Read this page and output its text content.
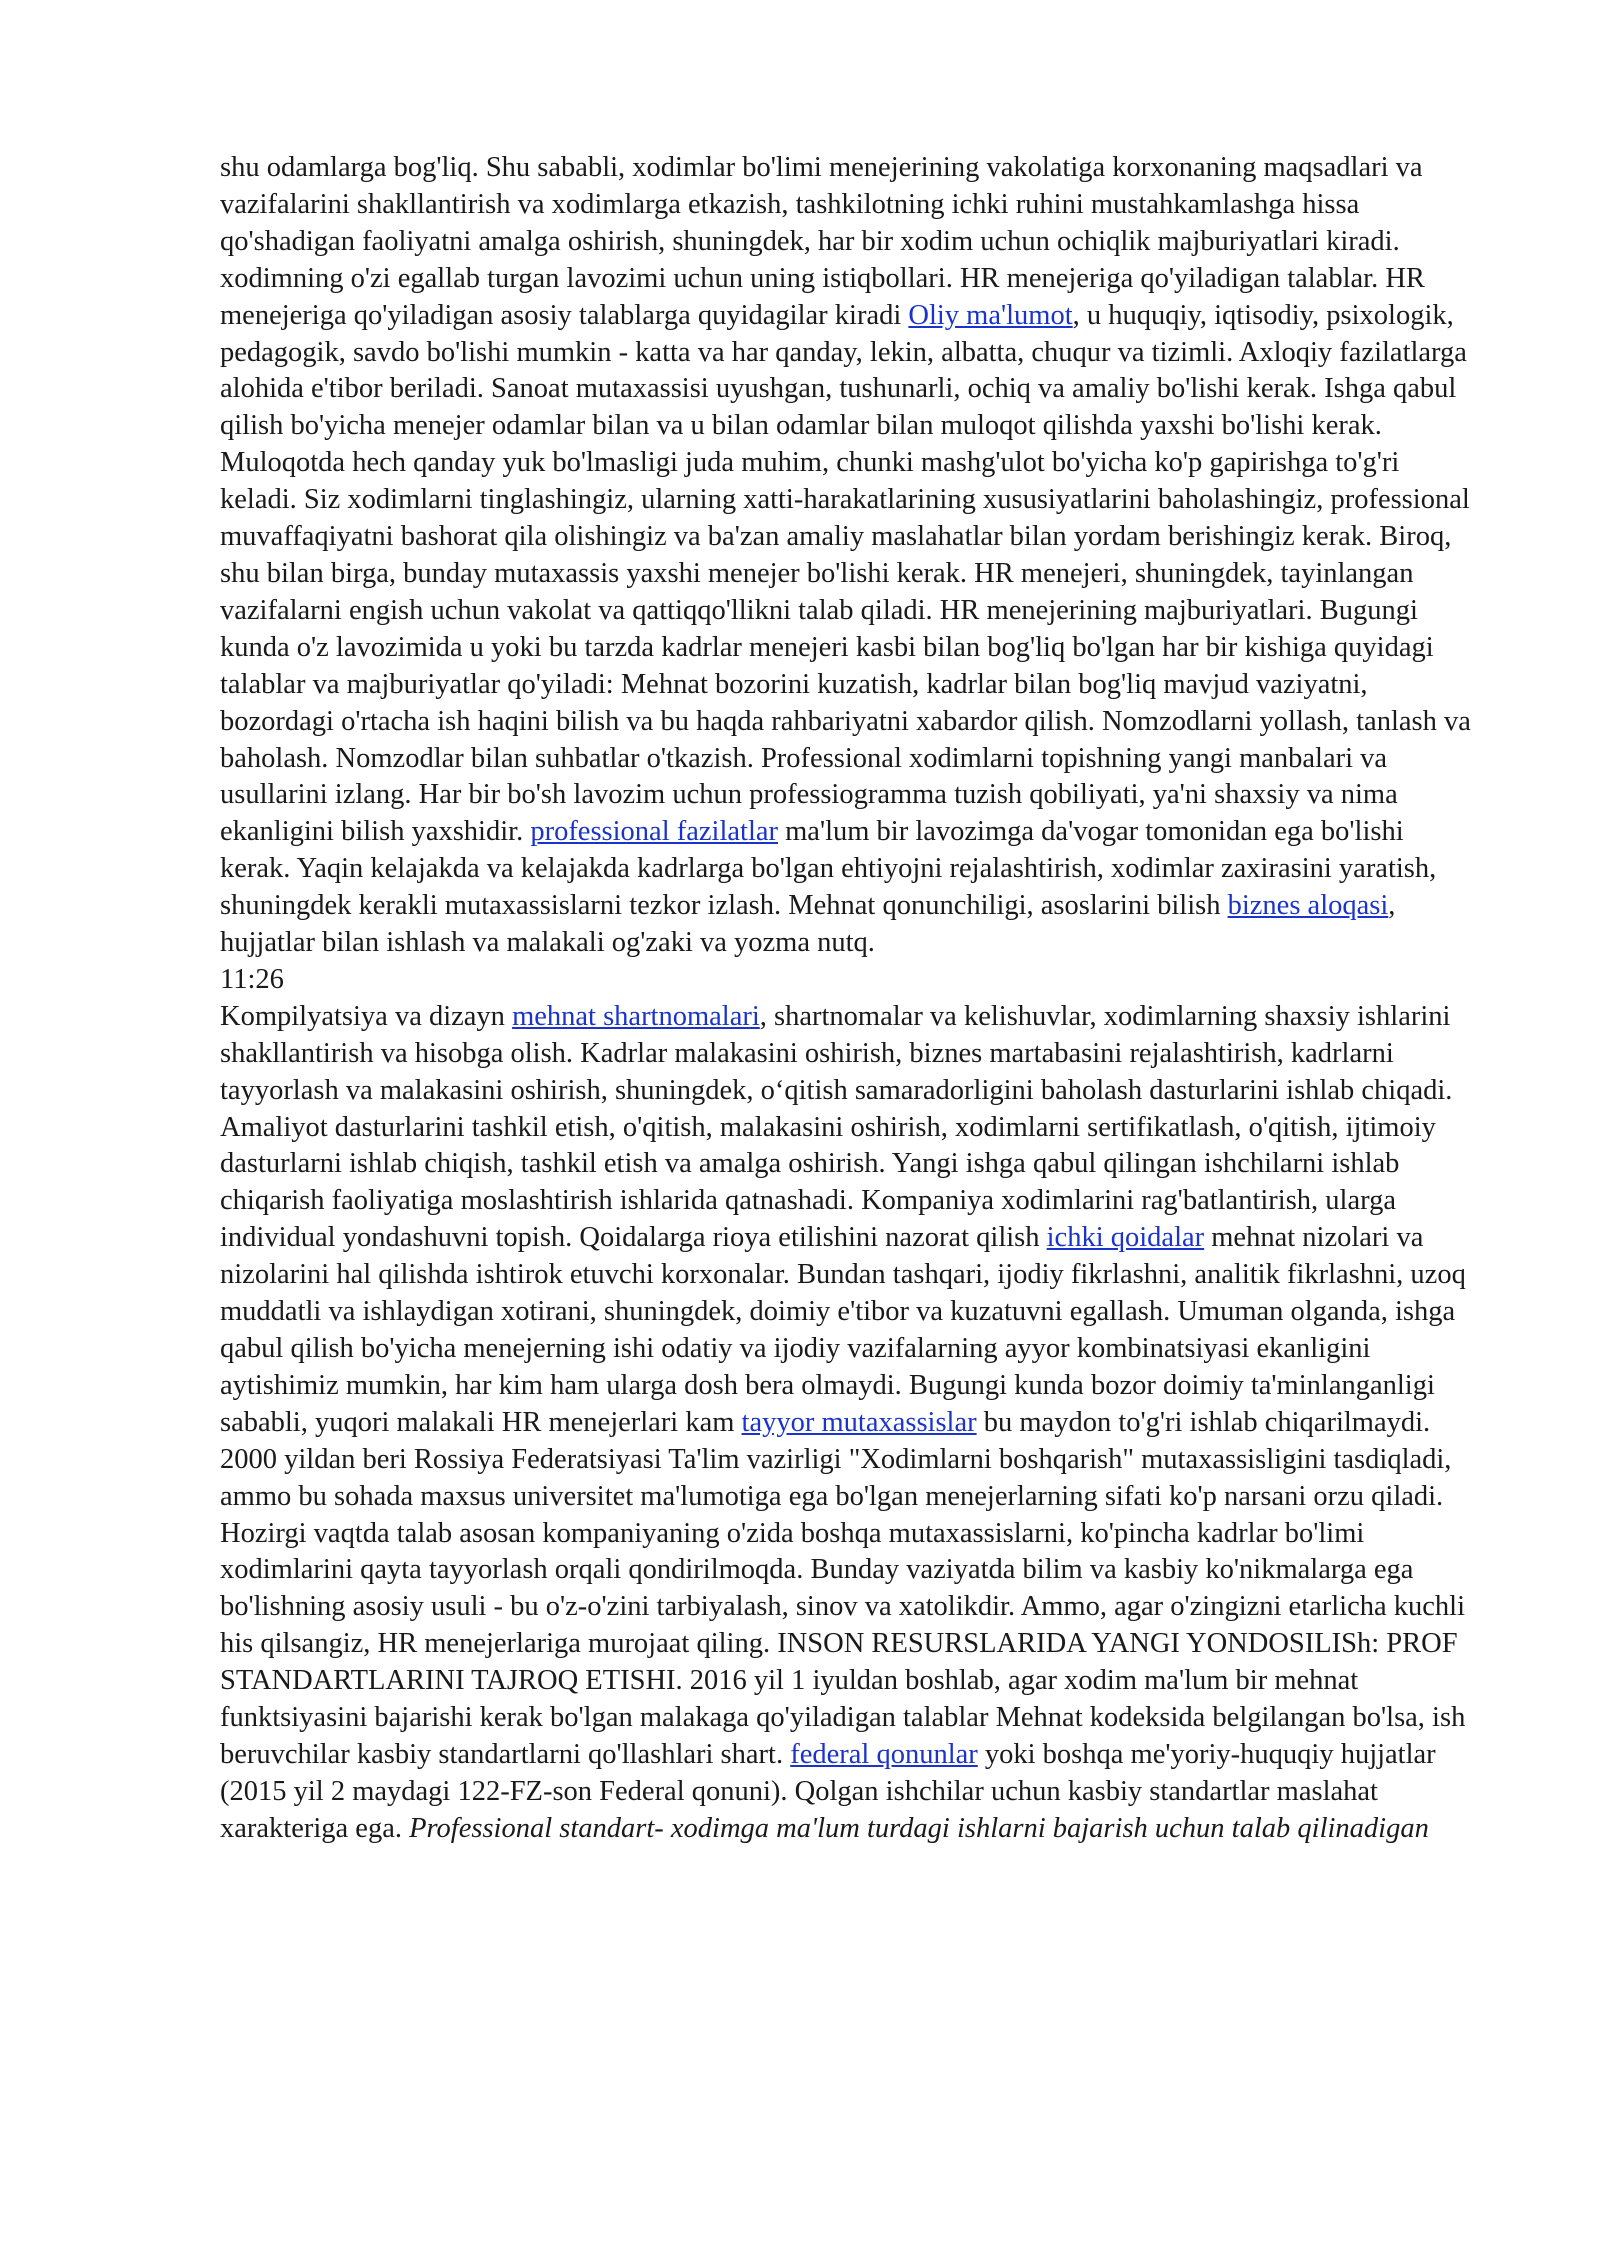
shu odamlarga bog'liq. Shu sababli, xodimlar bo'limi menejerining vakolatiga korxonaning maqsadlari va vazifalarini shakllantirish va xodimlarga etkazish, tashkilotning ichki ruhini mustahkamlashga hissa qo'shadigan faoliyatni amalga oshirish, shuningdek, har bir xodim uchun ochiqlik majburiyatlari kiradi. xodimning o'zi egallab turgan lavozimi uchun uning istiqbollari. HR menejeriga qo'yiladigan talablar. HR menejeriga qo'yiladigan asosiy talablarga quyidagilar kiradi Oliy ma'lumot, u huquqiy, iqtisodiy, psixologik, pedagogik, savdo bo'lishi mumkin - katta va har qanday, lekin, albatta, chuqur va tizimli. Axloqiy fazilatlarga alohida e'tibor beriladi. Sanoat mutaxassisi uyushgan, tushunarli, ochiq va amaliy bo'lishi kerak. Ishga qabul qilish bo'yicha menejer odamlar bilan va u bilan odamlar bilan muloqot qilishda yaxshi bo'lishi kerak. Muloqotda hech qanday yuk bo'lmasligi juda muhim, chunki mashg'ulot bo'yicha ko'p gapirishga to'g'ri keladi. Siz xodimlarni tinglashingiz, ularning xatti-harakatlarining xususiyatlarini baholashingiz, professional muvaffaqiyatni bashorat qila olishingiz va ba'zan amaliy maslahatlar bilan yordam berishingiz kerak. Biroq, shu bilan birga, bunday mutaxassis yaxshi menejer bo'lishi kerak. HR menejeri, shuningdek, tayinlangan vazifalarni engish uchun vakolat va qattiqqo'llikni talab qiladi. HR menejerining majburiyatlari. Bugungi kunda o'z lavozimida u yoki bu tarzda kadrlar menejeri kasbi bilan bog'liq bo'lgan har bir kishiga quyidagi talablar va majburiyatlar qo'yiladi: Mehnat bozorini kuzatish, kadrlar bilan bog'liq mavjud vaziyatni, bozordagi o'rtacha ish haqini bilish va bu haqda rahbariyatni xabardor qilish. Nomzodlarni yollash, tanlash va baholash. Nomzodlar bilan suhbatlar o'tkazish. Professional xodimlarni topishning yangi manbalari va usullarini izlang. Har bir bo'sh lavozim uchun professiogramma tuzish qobiliyati, ya'ni shaxsiy va nima ekanligini bilish yaxshidir. professional fazilatlar ma'lum bir lavozimga da'vogar tomonidan ega bo'lishi kerak. Yaqin kelajakda va kelajakda kadrlarga bo'lgan ehtiyojni rejalashtirish, xodimlar zaxirasini yaratish, shuningdek kerakli mutaxassislarni tezkor izlash. Mehnat qonunchiligi, asoslarini bilish biznes aloqasi, hujjatlar bilan ishlash va malakali og'zaki va yozma nutq.

11:26

Kompilyatsiya va dizayn mehnat shartnomalari, shartnomalar va kelishuvlar, xodimlarning shaxsiy ishlarini shakllantirish va hisobga olish. Kadrlar malakasini oshirish, biznes martabasini rejalashtirish, kadrlarni tayyorlash va malakasini oshirish, shuningdek, o‘qitish samaradorligini baholash dasturlarini ishlab chiqadi. Amaliyot dasturlarini tashkil etish, o'qitish, malakasini oshirish, xodimlarni sertifikatlash, o'qitish, ijtimoiy dasturlarni ishlab chiqish, tashkil etish va amalga oshirish. Yangi ishga qabul qilingan ishchilarni ishlab chiqarish faoliyatiga moslashtirish ishlarida qatnashadi. Kompaniya xodimlarini rag'batlantirish, ularga individual yondashuvni topish. Qoidalarga rioya etilishini nazorat qilish ichki qoidalar mehnat nizolari va nizolarini hal qilishda ishtirok etuvchi korxonalar. Bundan tashqari, ijodiy fikrlashni, analitik fikrlashni, uzoq muddatli va ishlaydigan xotirani, shuningdek, doimiy e'tibor va kuzatuvni egallash. Umuman olganda, ishga qabul qilish bo'yicha menejerning ishi odatiy va ijodiy vazifalarning ayyor kombinatsiyasi ekanligini aytishimiz mumkin, har kim ham ularga dosh bera olmaydi. Bugungi kunda bozor doimiy ta'minlanganligi sababli, yuqori malakali HR menejerlari kam tayyor mutaxassislar bu maydon to'g'ri ishlab chiqarilmaydi. 2000 yildan beri Rossiya Federatsiyasi Ta'lim vazirligi "Xodimlarni boshqarish" mutaxassisligini tasdiqladi, ammo bu sohada maxsus universitet ma'lumotiga ega bo'lgan menejerlarning sifati ko'p narsani orzu qiladi. Hozirgi vaqtda talab asosan kompaniyaning o'zida boshqa mutaxassislarni, ko'pincha kadrlar bo'limi xodimlarini qayta tayyorlash orqali qondirilmoqda. Bunday vaziyatda bilim va kasbiy ko'nikmalarga ega bo'lishning asosiy usuli - bu o'z-o'zini tarbiyalash, sinov va xatolikdir. Ammo, agar o'zingizni etarlicha kuchli his qilsangiz, HR menejerlariga murojaat qiling. INSON RESURSLARIDA YANGI YONDOSILISh: PROF STANDARTLARINI TAJROQ ETISHI. 2016 yil 1 iyuldan boshlab, agar xodim ma'lum bir mehnat funktsiyasini bajarishi kerak bo'lgan malakaga qo'yiladigan talablar Mehnat kodeksida belgilangan bo'lsa, ish beruvchilar kasbiy standartlarni qo'llashlari shart. federal qonunlar yoki boshqa me'yoriy-huquqiy hujjatlar (2015 yil 2 maydagi 122-FZ-son Federal qonuni). Qolgan ishchilar uchun kasbiy standartlar maslahat xarakteriga ega. Professional standart- xodimga ma'lum turdagi ishlarni bajarish uchun talab qilinadigan
